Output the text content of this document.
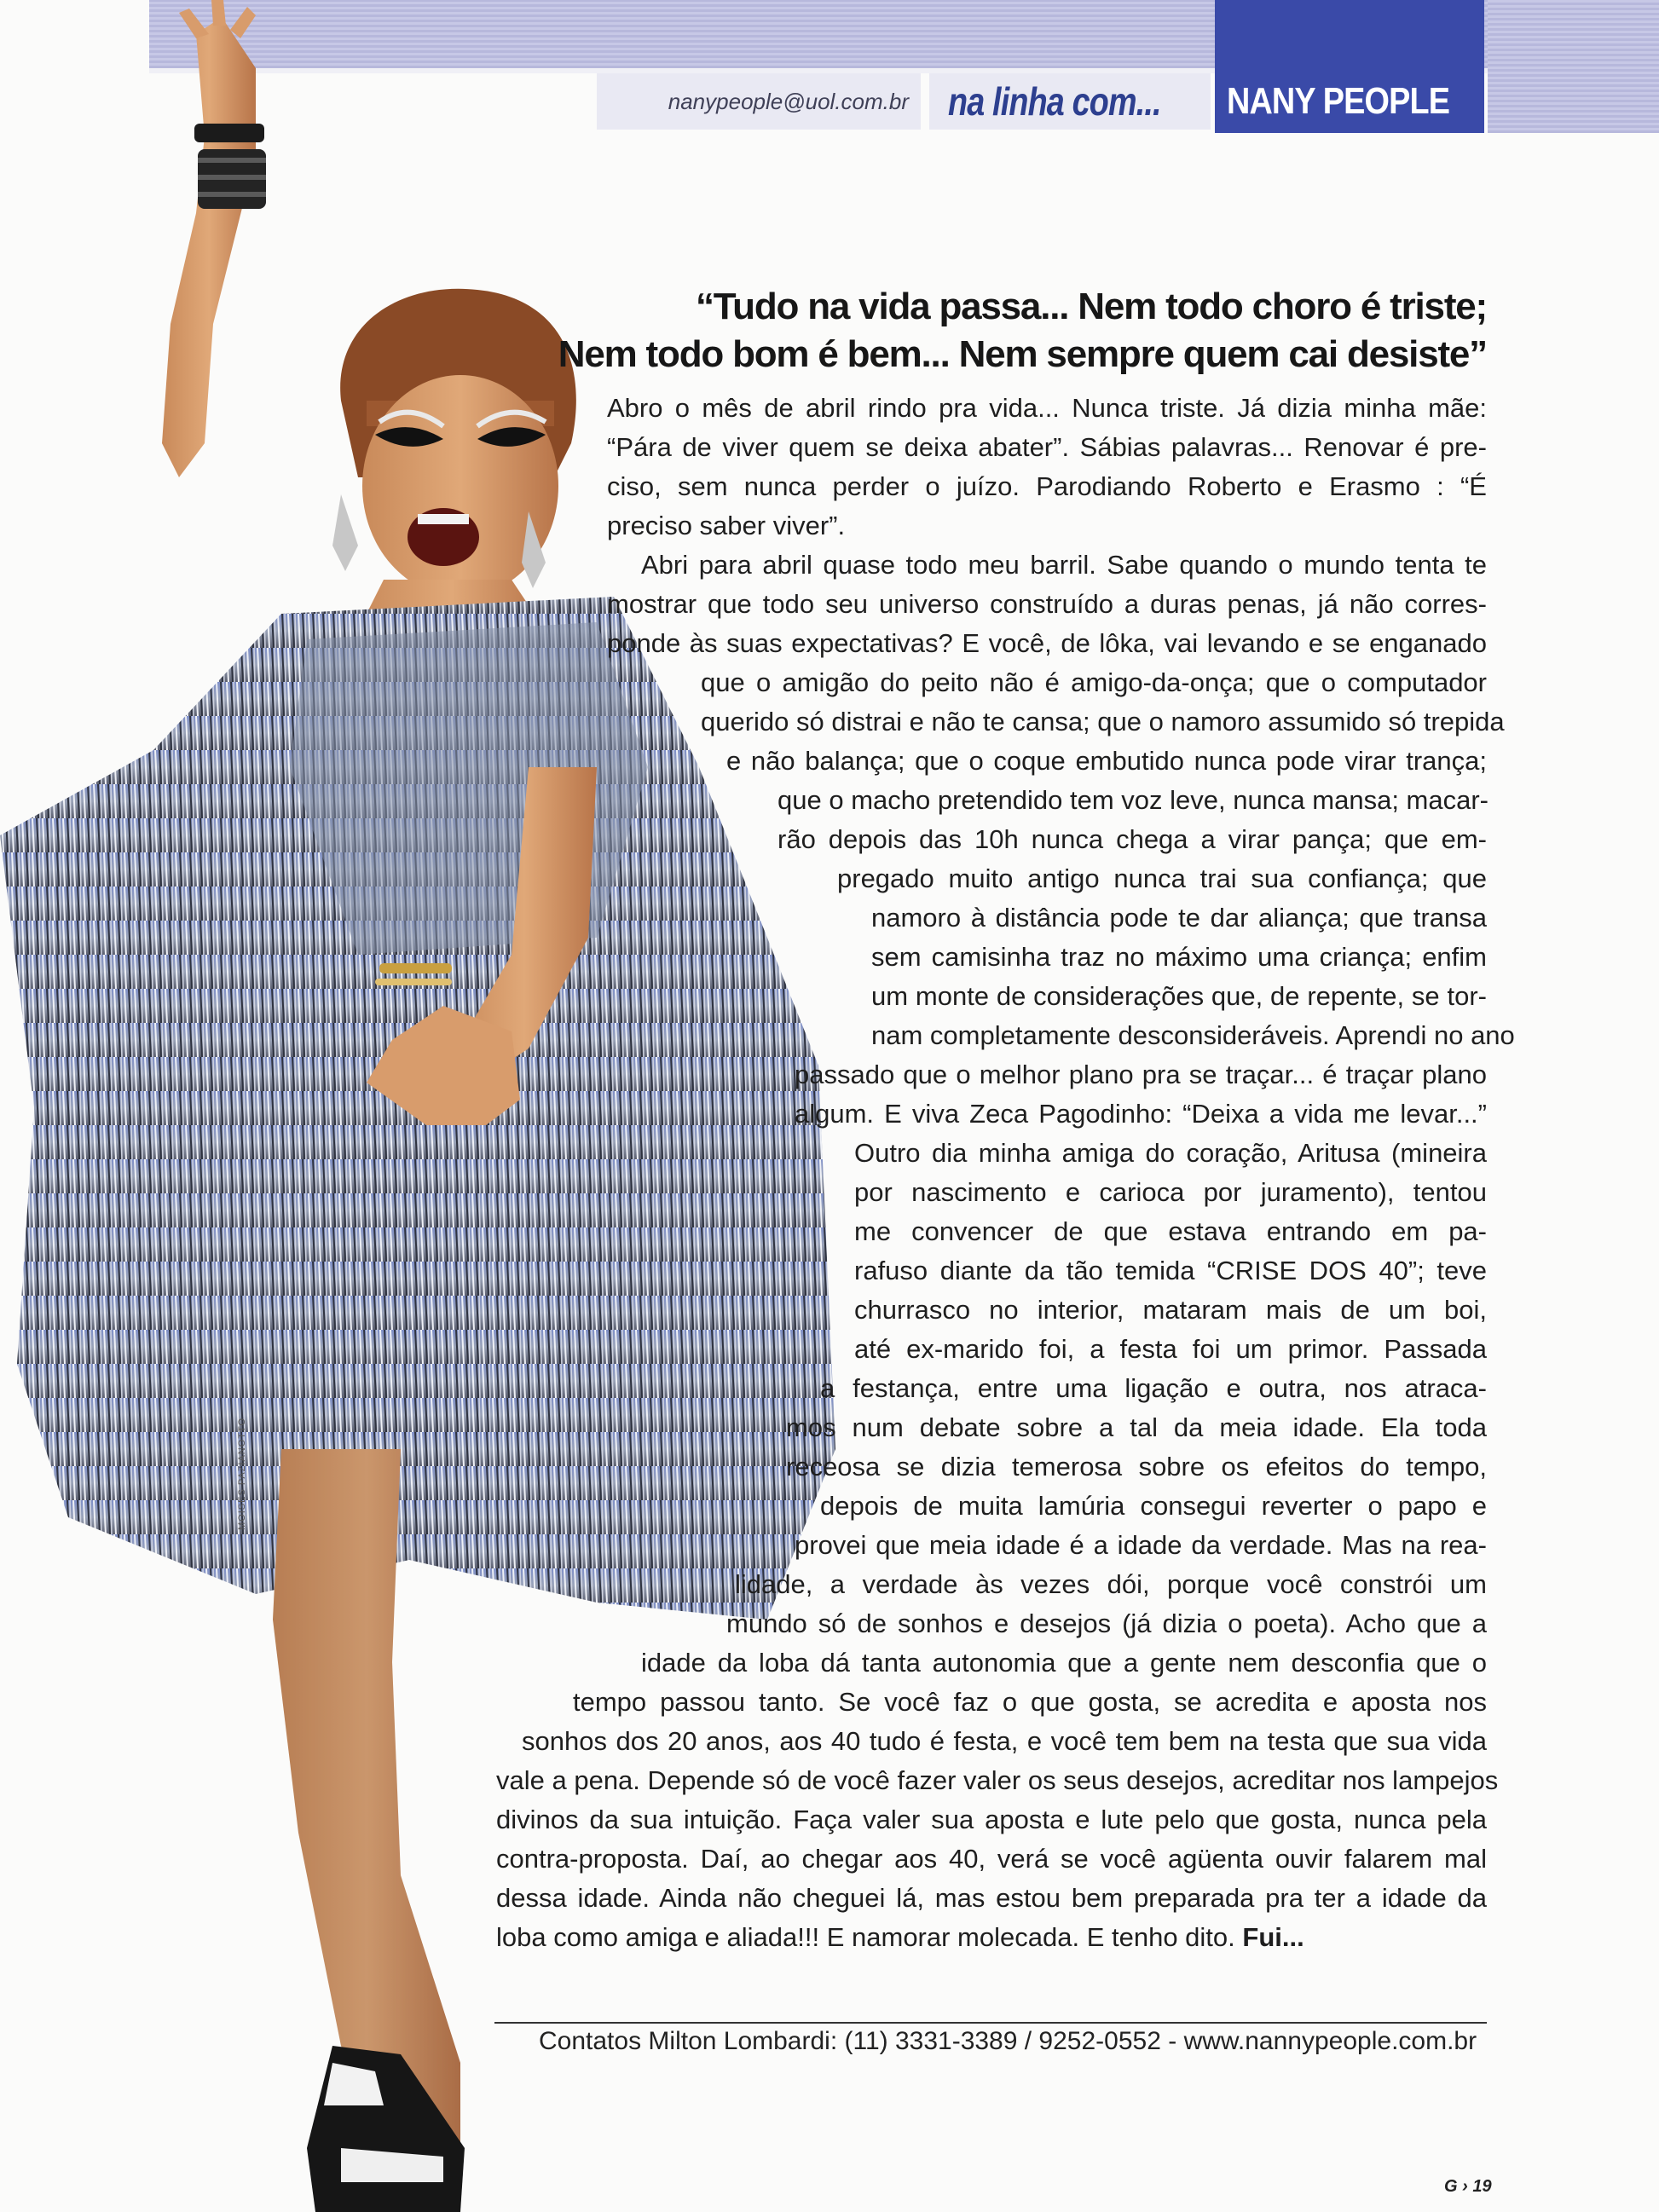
nanypeople@uol.com.br na linha com... NANY PEOPLE
MOISÉS PAZIANOTTO
“Tudo na vida passa... Nem todo choro é triste;
Nem todo bom é bem... Nem sempre quem cai desiste”
Abro o mês de abril rindo pra vida... Nunca triste. Já dizia minha mãe:
“Pára de viver quem se deixa abater”. Sábias palavras... Renovar é pre-
ciso, sem nunca perder o juízo. Parodiando Roberto e Erasmo : “É
preciso saber viver”.
Abri para abril quase todo meu barril. Sabe quando o mundo tenta te
mostrar que todo seu universo construído a duras penas, já não corres-
ponde às suas expectativas? E você, de lôka, vai levando e se enganado
que o amigão do peito não é amigo-da-onça; que o computador
querido só distrai e não te cansa; que o namoro assumido só trepida
e não balança; que o coque embutido nunca pode virar trança;
que o macho pretendido tem voz leve, nunca mansa; macar-
rão depois das 10h nunca chega a virar pança; que em-
pregado muito antigo nunca trai sua confiança; que
namoro à distância pode te dar aliança; que transa
sem camisinha traz no máximo uma criança; enfim
um monte de considerações que, de repente, se tor-
nam completamente desconsideráveis. Aprendi no ano
passado que o melhor plano pra se traçar... é traçar plano
algum. E viva Zeca Pagodinho: “Deixa a vida me levar...”
Outro dia minha amiga do coração, Aritusa (mineira
por nascimento e carioca por juramento), tentou
me convencer de que estava entrando em pa-
rafuso diante da tão temida “CRISE DOS 40”; teve
churrasco no interior, mataram mais de um boi,
até ex-marido foi, a festa foi um primor. Passada
a festança, entre uma ligação e outra, nos atraca-
mos num debate sobre a tal da meia idade. Ela toda
receosa se dizia temerosa sobre os efeitos do tempo,
depois de muita lamúria consegui reverter o papo e
provei que meia idade é a idade da verdade. Mas na rea-
lidade, a verdade às vezes dói, porque você constrói um
mundo só de sonhos e desejos (já dizia o poeta). Acho que a
idade da loba dá tanta autonomia que a gente nem desconfia que o
tempo passou tanto. Se você faz o que gosta, se acredita e aposta nos
sonhos dos 20 anos, aos 40 tudo é festa, e você tem bem na testa que sua vida
vale a pena. Depende só de você fazer valer os seus desejos, acreditar nos lampejos
divinos da sua intuição. Faça valer sua aposta e lute pelo que gosta, nunca pela
contra-proposta. Daí, ao chegar aos 40, verá se você agüenta ouvir falarem mal
dessa idade. Ainda não cheguei lá, mas estou bem preparada pra ter a idade da
loba como amiga e aliada!!! E namorar molecada. E tenho dito. Fui...
Contatos Milton Lombardi: (11) 3331-3389 / 9252-0552 - www.nannypeople.com.br
G › 19
